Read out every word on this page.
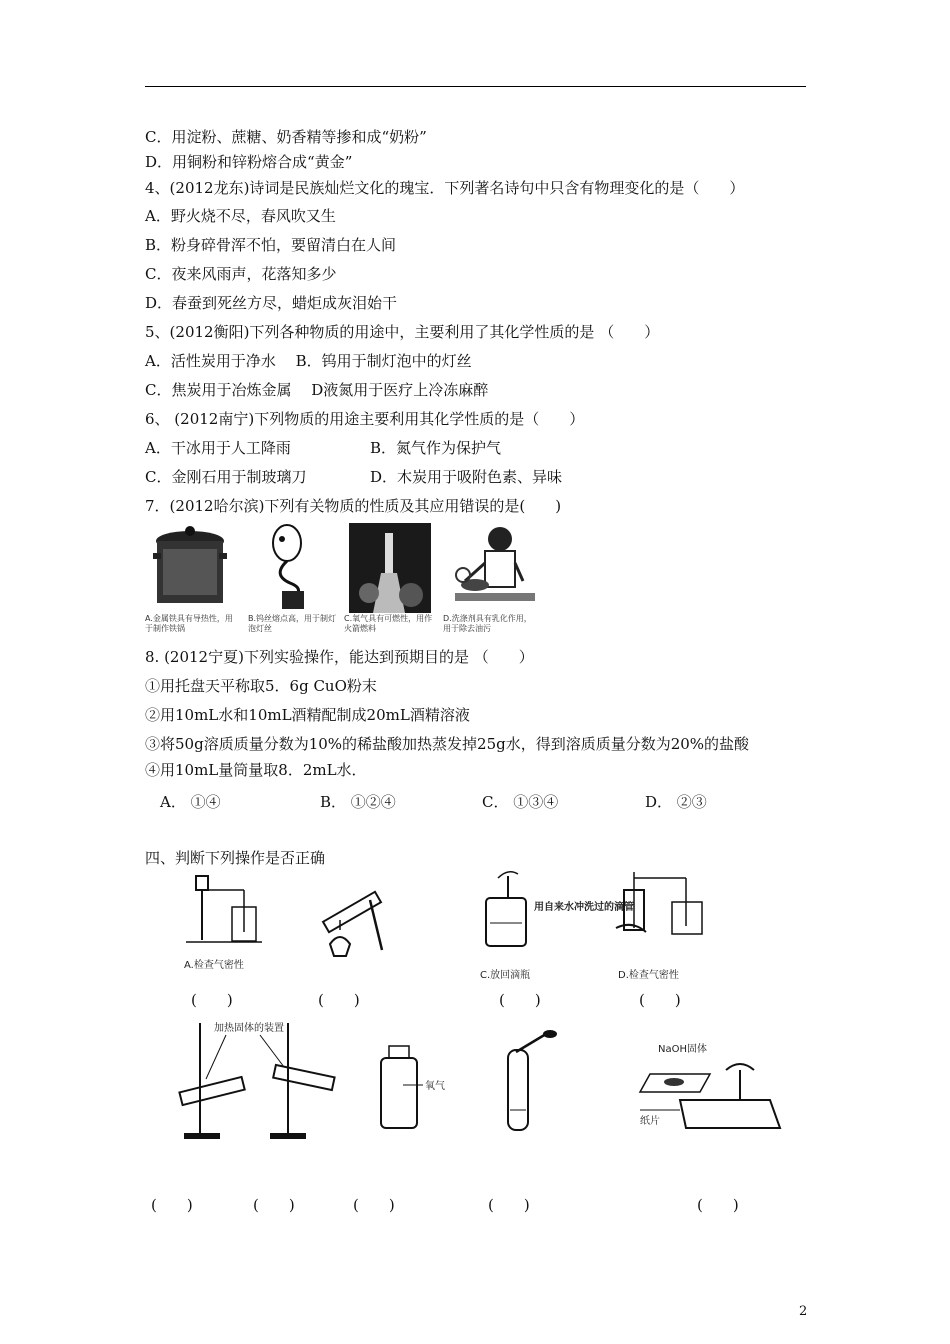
C．用淀粉、蔗糖、奶香精等掺和成“奶粉”
D．用铜粉和锌粉熔合成“黄金”
4、(2012龙东)诗词是民族灿烂文化的瑰宝．下列著名诗句中只含有物理变化的是（　　）
A．野火烧不尽，春风吹又生
B．粉身碎骨浑不怕，要留清白在人间
C．夜来风雨声，花落知多少
D．春蚕到死丝方尽，蜡炬成灰泪始干
5、(2012衡阳)下列各种物质的用途中，主要利用了其化学性质的是 （　　）
A．活性炭用于净水　 B．钨用于制灯泡中的灯丝
C．焦炭用于冶炼金属　 D液氮用于医疗上冷冻麻醉
6、 (2012南宁)下列物质的用途主要利用其化学性质的是（　　）
A．干冰用于人工降雨	B．氮气作为保护气
C．金刚石用于制玻璃刀	D．木炭用于吸附色素、异味
7．(2012哈尔滨)下列有关物质的性质及其应用错误的是(　　)
A.金属铁具有导热性，用于制作铁锅
B.钨丝熔点高，用于制灯泡灯丝
C.氧气具有可燃性，用作火箭燃料
D.洗涤剂具有乳化作用，用于除去油污
8. (2012宁夏)下列实验操作，能达到预期目的是 （　　）
①用托盘天平称取5．6g CuO粉末
②用10mL水和10mL酒精配制成20mL酒精溶液
③将50g溶质质量分数为10%的稀盐酸加热蒸发掉25g水，得到溶质质量分数为20%的盐酸
④用10mL量筒量取8．2mL水．
A． ①④	B． ①②④	C． ①③④	D． ②③
四、判断下列操作是否正确
A.检查气密性
用自来水冲洗过的滴管
C.放回滴瓶	D.检查气密性
(　　)	(　　)	(　　)	(　　)
加热固体的装置
氧气
NaOH固体
纸片
(　　)	(　　)	(　　)	(　　)	(　　)
2
